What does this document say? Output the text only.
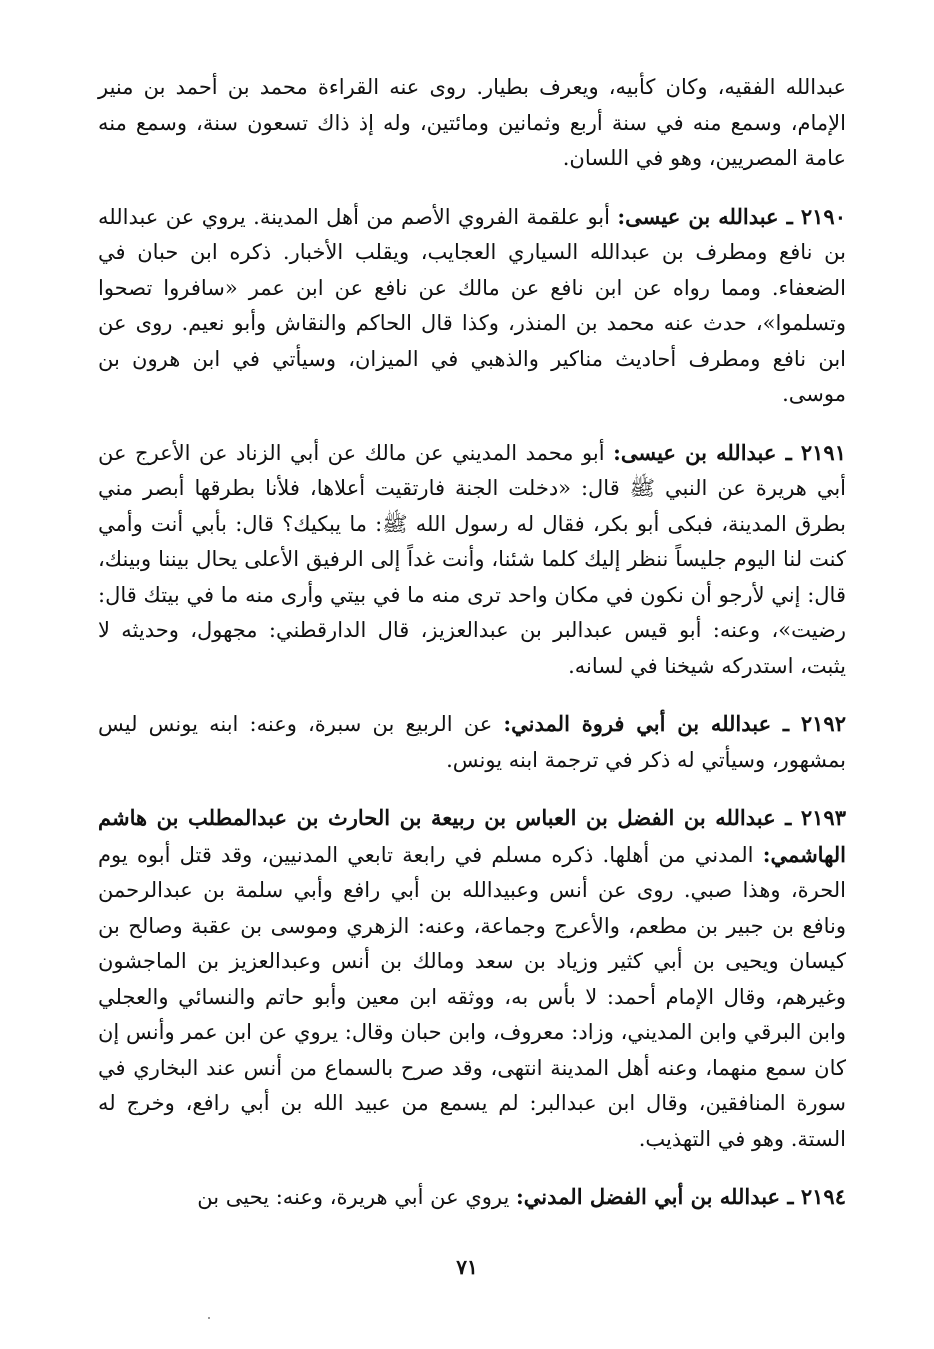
عبدالله الفقيه، وكان كأبيه، ويعرف بطيار. روى عنه القراءة محمد بن أحمد بن منير الإمام، وسمع منه في سنة أربع وثمانين ومائتين، وله إذ ذاك تسعون سنة، وسمع منه عامة المصريين، وهو في اللسان.

٢١٩٠ ـ عبدالله بن عيسى: أبو علقمة الفروي الأصم من أهل المدينة. يروي عن عبدالله بن نافع ومطرف بن عبدالله السياري العجايب، ويقلب الأخبار. ذكره ابن حبان في الضعفاء. ومما رواه عن ابن نافع عن مالك عن نافع عن ابن عمر «سافروا تصحوا وتسلموا»، حدث عنه محمد بن المنذر، وكذا قال الحاكم والنقاش وأبو نعيم. روى عن ابن نافع ومطرف أحاديث مناكير والذهبي في الميزان، وسيأتي في ابن هرون بن موسى.

٢١٩١ ـ عبدالله بن عيسى: أبو محمد المديني عن مالك عن أبي الزناد عن الأعرج عن أبي هريرة عن النبي ﷺ قال: «دخلت الجنة فارتقيت أعلاها، فلأنا بطرقها أبصر مني بطرق المدينة، فبكى أبو بكر، فقال له رسول الله ﷺ: ما يبكيك؟ قال: بأبي أنت وأمي كنت لنا اليوم جليساً ننظر إليك كلما شئنا، وأنت غداً إلى الرفيق الأعلى يحال بيننا وبينك، قال: إني لأرجو أن نكون في مكان واحد ترى منه ما في بيتي وأرى منه ما في بيتك قال: رضيت»، وعنه: أبو قيس عبدالبر بن عبدالعزيز، قال الدارقطني: مجهول، وحديثه لا يثبت، استدركه شيخنا في لسانه.

٢١٩٢ ـ عبدالله بن أبي فروة المدني: عن الربيع بن سبرة، وعنه: ابنه يونس ليس بمشهور، وسيأتي له ذكر في ترجمة ابنه يونس.

٢١٩٣ ـ عبدالله بن الفضل بن العباس بن ربيعة بن الحارث بن عبدالمطلب بن هاشم الهاشمي: المدني من أهلها. ذكره مسلم في رابعة تابعي المدنيين، وقد قتل أبوه يوم الحرة، وهذا صبي. روى عن أنس وعبيدالله بن أبي رافع وأبي سلمة بن عبدالرحمن ونافع بن جبير بن مطعم، والأعرج وجماعة، وعنه: الزهري وموسى بن عقبة وصالح بن كيسان ويحيى بن أبي كثير وزياد بن سعد ومالك بن أنس وعبدالعزيز بن الماجشون وغيرهم، وقال الإمام أحمد: لا بأس به، ووثقه ابن معين وأبو حاتم والنسائي والعجلي وابن البرقي وابن المديني، وزاد: معروف، وابن حبان وقال: يروي عن ابن عمر وأنس إن كان سمع منهما، وعنه أهل المدينة انتهى، وقد صرح بالسماع من أنس عند البخاري في سورة المنافقين، وقال ابن عبدالبر: لم يسمع من عبيد الله بن أبي رافع، وخرج له الستة. وهو في التهذيب.

٢١٩٤ ـ عبدالله بن أبي الفضل المدني: يروي عن أبي هريرة، وعنه: يحيى بن

٧١
